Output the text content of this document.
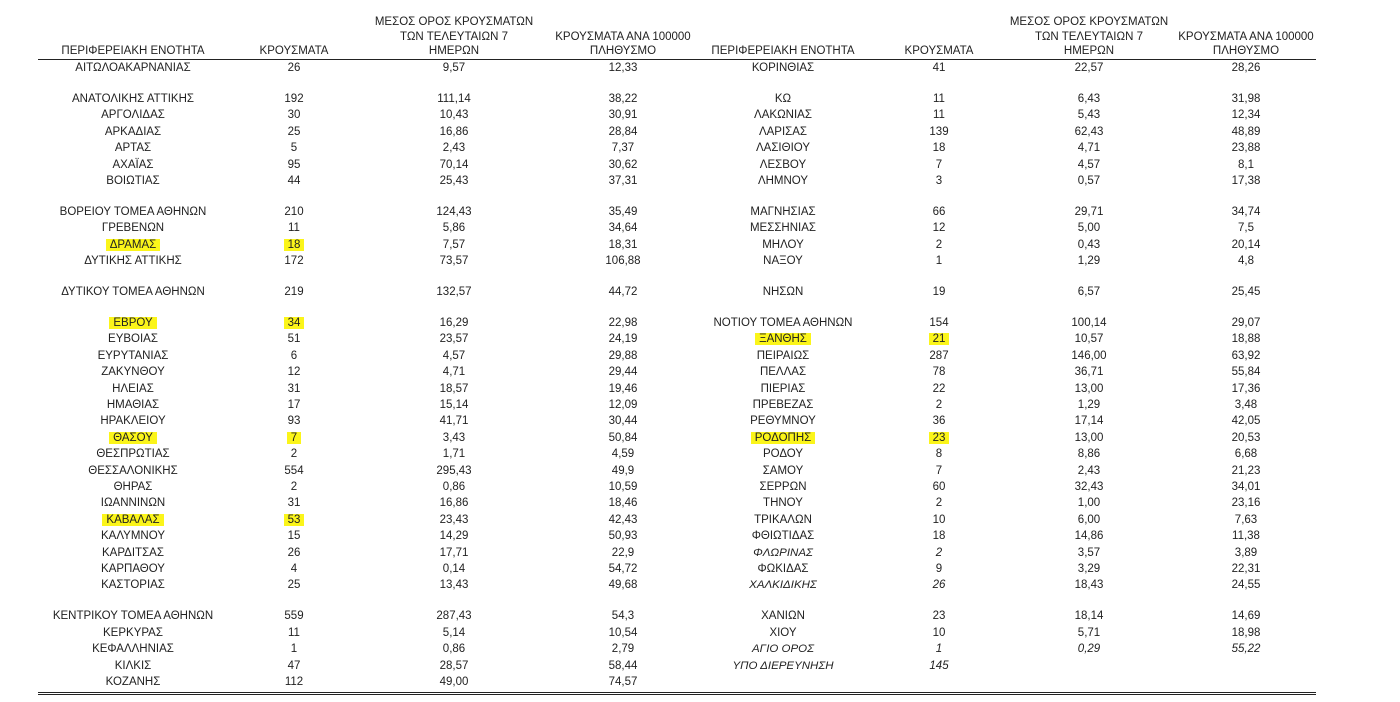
ΠΕΡΙΦΕΡΕΙΑΚΗ ΕΝΟΤΗΤΑ	ΚΡΟΥΣΜΑΤΑ	ΜΕΣΟΣ ΟΡΟΣ ΚΡΟΥΣΜΑΤΩΝ
ΤΩΝ ΤΕΛΕΥΤΑΙΩΝ 7
ΗΜΕΡΩΝ	ΚΡΟΥΣΜΑΤΑ ΑΝΑ 100000
ΠΛΗΘΥΣΜΟ
ΑΙΤΩΛΟΑΚΑΡΝΑΝΙΑΣ	26	9,57	12,33

ΑΝΑΤΟΛΙΚΗΣ ΑΤΤΙΚΗΣ	192	111,14	38,22
ΑΡΓΟΛΙΔΑΣ	30	10,43	30,91
ΑΡΚΑΔΙΑΣ	25	16,86	28,84
ΑΡΤΑΣ	5	2,43	7,37
ΑΧΑΪΑΣ	95	70,14	30,62
ΒΟΙΩΤΙΑΣ	44	25,43	37,31

ΒΟΡΕΙΟΥ ΤΟΜΕΑ ΑΘΗΝΩΝ	210	124,43	35,49
ΓΡΕΒΕΝΩΝ	11	5,86	34,64
ΔΡΑΜΑΣ	18	7,57	18,31
ΔΥΤΙΚΗΣ ΑΤΤΙΚΗΣ	172	73,57	106,88

ΔΥΤΙΚΟΥ ΤΟΜΕΑ ΑΘΗΝΩΝ	219	132,57	44,72

ΕΒΡΟΥ	34	16,29	22,98
ΕΥΒΟΙΑΣ	51	23,57	24,19
ΕΥΡΥΤΑΝΙΑΣ	6	4,57	29,88
ΖΑΚΥΝΘΟΥ	12	4,71	29,44
ΗΛΕΙΑΣ	31	18,57	19,46
ΗΜΑΘΙΑΣ	17	15,14	12,09
ΗΡΑΚΛΕΙΟΥ	93	41,71	30,44
ΘΑΣΟΥ	7	3,43	50,84
ΘΕΣΠΡΩΤΙΑΣ	2	1,71	4,59
ΘΕΣΣΑΛΟΝΙΚΗΣ	554	295,43	49,9
ΘΗΡΑΣ	2	0,86	10,59
ΙΩΑΝΝΙΝΩΝ	31	16,86	18,46
ΚΑΒΑΛΑΣ	53	23,43	42,43
ΚΑΛΥΜΝΟΥ	15	14,29	50,93
ΚΑΡΔΙΤΣΑΣ	26	17,71	22,9
ΚΑΡΠΑΘΟΥ	4	0,14	54,72
ΚΑΣΤΟΡΙΑΣ	25	13,43	49,68

ΚΕΝΤΡΙΚΟΥ ΤΟΜΕΑ ΑΘΗΝΩΝ	559	287,43	54,3
ΚΕΡΚΥΡΑΣ	11	5,14	10,54
ΚΕΦΑΛΛΗΝΙΑΣ	1	0,86	2,79
ΚΙΛΚΙΣ	47	28,57	58,44
ΚΟΖΑΝΗΣ	112	49,00	74,57
ΠΕΡΙΦΕΡΕΙΑΚΗ ΕΝΟΤΗΤΑ	ΚΡΟΥΣΜΑΤΑ	ΜΕΣΟΣ ΟΡΟΣ ΚΡΟΥΣΜΑΤΩΝ
ΤΩΝ ΤΕΛΕΥΤΑΙΩΝ 7
ΗΜΕΡΩΝ	ΚΡΟΥΣΜΑΤΑ ΑΝΑ 100000
ΠΛΗΘΥΣΜΟ
ΚΟΡΙΝΘΙΑΣ	41	22,57	28,26

ΚΩ	11	6,43	31,98
ΛΑΚΩΝΙΑΣ	11	5,43	12,34
ΛΑΡΙΣΑΣ	139	62,43	48,89
ΛΑΣΙΘΙΟΥ	18	4,71	23,88
ΛΕΣΒΟΥ	7	4,57	8,1
ΛΗΜΝΟΥ	3	0,57	17,38

ΜΑΓΝΗΣΙΑΣ	66	29,71	34,74
ΜΕΣΣΗΝΙΑΣ	12	5,00	7,5
ΜΗΛΟΥ	2	0,43	20,14
ΝΑΞΟΥ	1	1,29	4,8

ΝΗΣΩΝ	19	6,57	25,45

ΝΟΤΙΟΥ ΤΟΜΕΑ ΑΘΗΝΩΝ	154	100,14	29,07
ΞΑΝΘΗΣ	21	10,57	18,88
ΠΕΙΡΑΙΩΣ	287	146,00	63,92
ΠΕΛΛΑΣ	78	36,71	55,84
ΠΙΕΡΙΑΣ	22	13,00	17,36
ΠΡΕΒΕΖΑΣ	2	1,29	3,48
ΡΕΘΥΜΝΟΥ	36	17,14	42,05
ΡΟΔΟΠΗΣ	23	13,00	20,53
ΡΟΔΟΥ	8	8,86	6,68
ΣΑΜΟΥ	7	2,43	21,23
ΣΕΡΡΩΝ	60	32,43	34,01
ΤΗΝΟΥ	2	1,00	23,16
ΤΡΙΚΑΛΩΝ	10	6,00	7,63
ΦΘΙΩΤΙΔΑΣ	18	14,86	11,38
ΦΛΩΡΙΝΑΣ	2	3,57	3,89
ΦΩΚΙΔΑΣ	9	3,29	22,31
ΧΑΛΚΙΔΙΚΗΣ	26	18,43	24,55

ΧΑΝΙΩΝ	23	18,14	14,69
ΧΙΟΥ	10	5,71	18,98
ΑΓΙΟ ΟΡΟΣ	1	0,29	55,22
ΥΠΟ ΔΙΕΡΕΥΝΗΣΗ	145		
